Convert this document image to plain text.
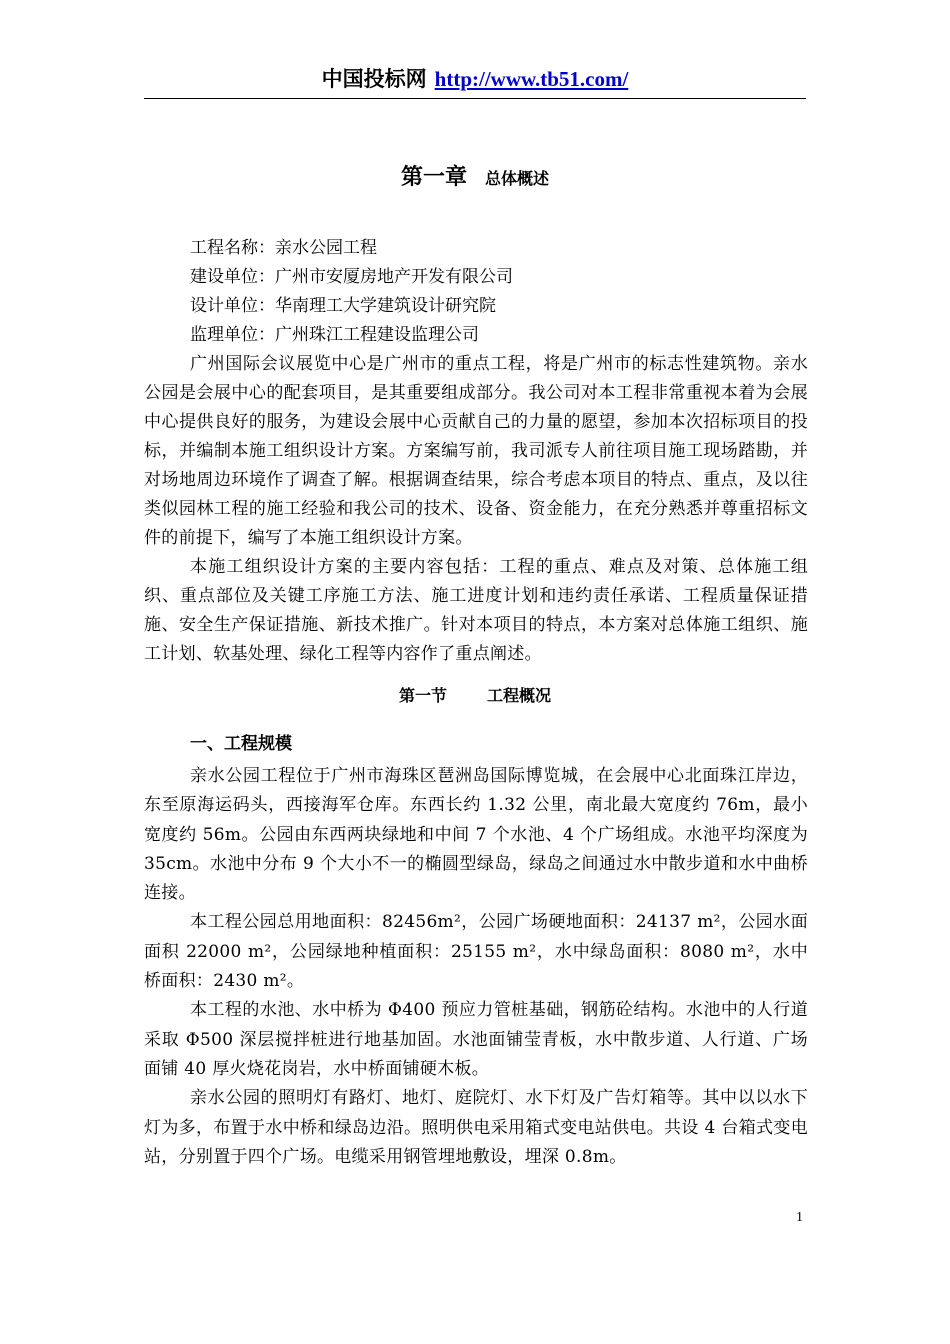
中国投标网 http://www.tb51.com/
第一章 总体概述

工程名称：亲水公园工程

建设单位：广州市安厦房地产开发有限公司

设计单位：华南理工大学建筑设计研究院

监理单位：广州珠江工程建设监理公司

广州国际会议展览中心是广州市的重点工程，将是广州市的标志性建筑物。亲水公园是会展中心的配套项目，是其重要组成部分。我公司对本工程非常重视本着为会展中心提供良好的服务，为建设会展中心贡献自己的力量的愿望，参加本次招标项目的投标，并编制本施工组织设计方案。方案编写前，我司派专人前往项目施工现场踏勘，并对场地周边环境作了调查了解。根据调查结果，综合考虑本项目的特点、重点，及以往类似园林工程的施工经验和我公司的技术、设备、资金能力，在充分熟悉并尊重招标文件的前提下，编写了本施工组织设计方案。

本施工组织设计方案的主要内容包括：工程的重点、难点及对策、总体施工组织、重点部位及关键工序施工方法、施工进度计划和违约责任承诺、工程质量保证措施、安全生产保证措施、新技术推广。针对本项目的特点，本方案对总体施工组织、施工计划、软基处理、绿化工程等内容作了重点阐述。

第一节	工程概况
一、工程规模

亲水公园工程位于广州市海珠区琶洲岛国际博览城，在会展中心北面珠江岸边，东至原海运码头，西接海军仓库。东西长约 1.32 公里，南北最大宽度约 76m，最小宽度约 56m。公园由东西两块绿地和中间 7 个水池、4 个广场组成。水池平均深度为 35cm。水池中分布 9 个大小不一的椭圆型绿岛，绿岛之间通过水中散步道和水中曲桥连接。

本工程公园总用地面积：82456m²，公园广场硬地面积：24137 m²，公园水面面积 22000 m²，公园绿地种植面积：25155 m²，水中绿岛面积：8080 m²，水中桥面积：2430 m²。

本工程的水池、水中桥为 Φ400 预应力管桩基础，钢筋砼结构。水池中的人行道采取 Φ500 深层搅拌桩进行地基加固。水池面铺莹青板，水中散步道、人行道、广场面铺 40 厚火烧花岗岩，水中桥面铺硬木板。

亲水公园的照明灯有路灯、地灯、庭院灯、水下灯及广告灯箱等。其中以以水下灯为多，布置于水中桥和绿岛边沿。照明供电采用箱式变电站供电。共设 4 台箱式变电站，分别置于四个广场。电缆采用钢管埋地敷设，埋深 0.8m。

1
